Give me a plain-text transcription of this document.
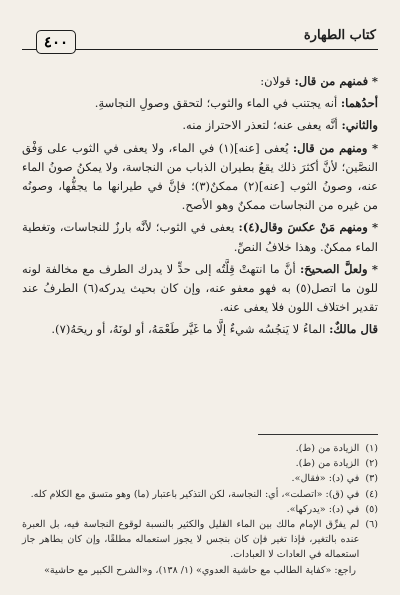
٤٠٠	كتاب الطهارة

* فمنهم من قال: قولان:

أحدُهما: أنه يجتنب في الماء والثوب؛ لتحقق وصولِ النجاسةِ.

والثاني: أنَّه يعفى عنه؛ لتعذر الاحتراز منه.

* ومنهم من قال: يُعفى [عنه](١) في الماء، ولا يعفى في الثوب على وَفْق النصَّين؛ لأنَّ أكثرَ ذلك يقعُ بطيران الذباب من النجاسة، ولا يمكنُ صونُ الماء عنه، وصونُ الثوب [عنه](٢) ممكنٌ(٣)؛ فإنَّ في طيرانها ما يجفُّها، وصونُه من غيره من النجاسات ممكنٌ وهو الأصح.

* ومنهم مَنْ عكسَ وقال(٤): يعفى في الثوب؛ لأنَّه بارزٌ للنجاسات، وتغطية الماء ممكنٌ. وهذا خلافُ النصِّ.

* ولعلَّ الصحيحَ: أنَّ ما انتهتْ قِلَّتُه إلى حدٍّ لا يدرك الطرف مع مخالفة لونه للون ما اتصل(٥) به فهو معفو عنه، وإن كان بحيث يدركه(٦) الطرفُ عند تقدير اختلاف اللون فلا يعفى عنه.

قال مالكٌ: الماءُ لا يَنجُسُه شيءٌ إلَّا ما غَيَّر طَعْمَهُ، أو لونَهُ، أو ريحَهُ(٧).

(١)
الزيادة من (ط).
(٢)
الزيادة من (ط).
(٣)
في (د): «فقال».
(٤)
في (ق): «اتصلت»، أي: النجاسة، لكن التذكير باعتبار (ما) وهو متسق مع الكلام كله.
(٥)
في (د): «يدركها».
(٦)
لم يفرِّق الإمام مالك بين الماء القليل والكثير بالنسبة لوقوع النجاسة فيه، بل العبرة عنده بالتغير، فإذا تغير فإن كان بنجس لا يجوز استعماله مطلقًا، وإن كان بطاهر جاز استعماله في العادات لا العبادات.
راجع: «كفاية الطالب مع حاشية العدوي» (١/ ١٣٨)، و«الشرح الكبير مع حاشية»
